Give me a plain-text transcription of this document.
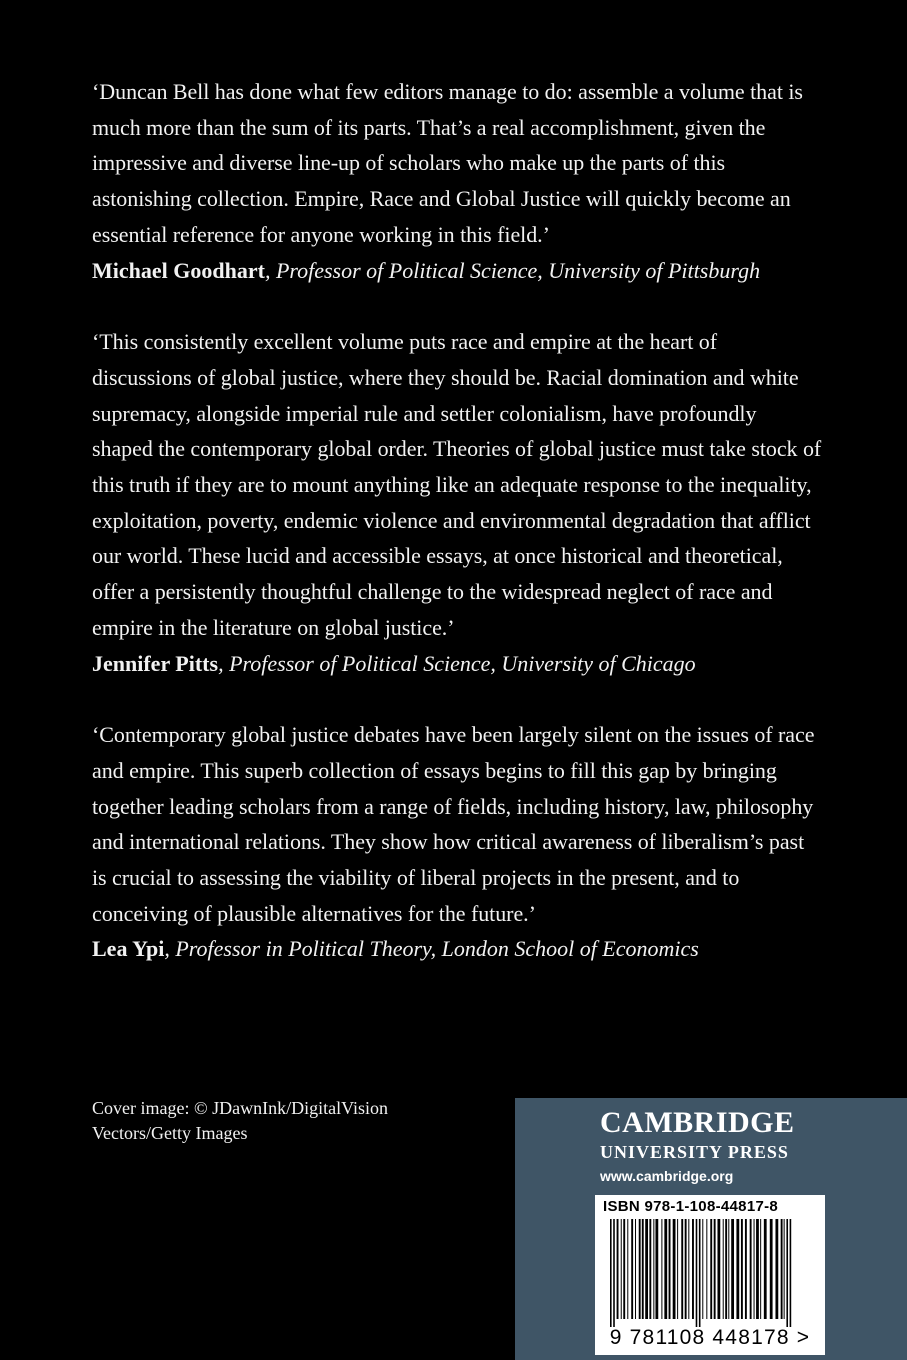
‘Duncan Bell has done what few editors manage to do: assemble a volume that is much more than the sum of its parts. That’s a real accomplishment, given the impressive and diverse line-up of scholars who make up the parts of this astonishing collection. Empire, Race and Global Justice will quickly become an essential reference for anyone working in this field.’

Michael Goodhart, Professor of Political Science, University of Pittsburgh

‘This consistently excellent volume puts race and empire at the heart of discussions of global justice, where they should be. Racial domination and white supremacy, alongside imperial rule and settler colonialism, have profoundly shaped the contemporary global order. Theories of global justice must take stock of this truth if they are to mount anything like an adequate response to the inequality, exploitation, poverty, endemic violence and environmental degradation that afflict our world. These lucid and accessible essays, at once historical and theoretical, offer a persistently thoughtful challenge to the widespread neglect of race and empire in the literature on global justice.’

Jennifer Pitts, Professor of Political Science, University of Chicago

‘Contemporary global justice debates have been largely silent on the issues of race and empire. This superb collection of essays begins to fill this gap by bringing together leading scholars from a range of fields, including history, law, philosophy and international relations. They show how critical awareness of liberalism’s past is crucial to assessing the viability of liberal projects in the present, and to conceiving of plausible alternatives for the future.’

Lea Ypi, Professor in Political Theory, London School of Economics

Cover image: © JDawnInk/DigitalVision Vectors/Getty Images	CAMBRIDGE

UNIVERSITY PRESS

www.cambridge.org

ISBN 978-1-108-44817-8
9 781108 448178 >
